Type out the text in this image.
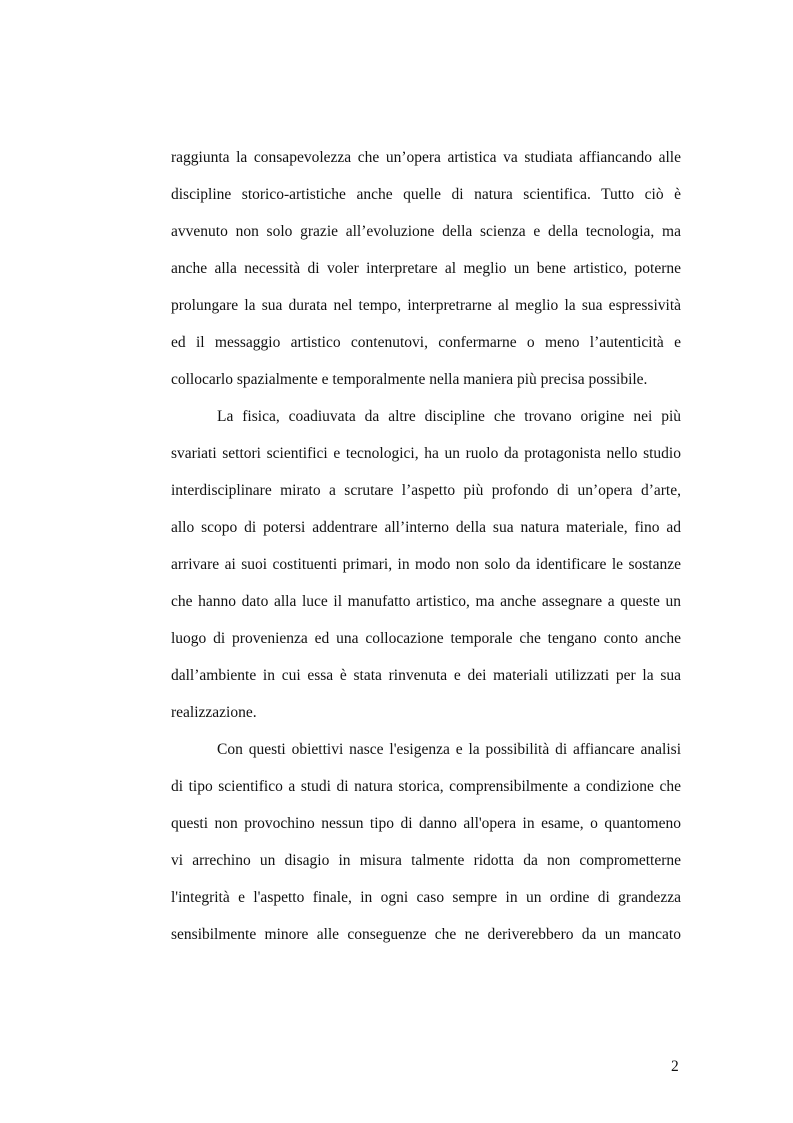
raggiunta la consapevolezza che un’opera artistica va studiata affiancando alle
discipline storico-artistiche anche quelle di natura scientifica. Tutto ciò è
avvenuto non solo grazie all’evoluzione della scienza e della tecnologia, ma
anche alla necessità di voler interpretare al meglio un bene artistico, poterne
prolungare la sua durata nel tempo, interpretrarne al meglio la sua espressività
ed il messaggio artistico contenutovi, confermarne o meno l’autenticità e
collocarlo spazialmente e temporalmente nella maniera più precisa possibile.
La fisica, coadiuvata da altre discipline che trovano origine nei più
svariati settori scientifici e tecnologici, ha un ruolo da protagonista nello studio
interdisciplinare mirato a scrutare l’aspetto più profondo di un’opera d’arte,
allo scopo di potersi addentrare all’interno della sua natura materiale, fino ad
arrivare ai suoi costituenti primari, in modo non solo da identificare le sostanze
che hanno dato alla luce il manufatto artistico, ma anche assegnare a queste un
luogo di provenienza ed una collocazione temporale che tengano conto anche
dall’ambiente in cui essa è stata rinvenuta e dei materiali utilizzati per la sua
realizzazione.
Con questi obiettivi nasce l'esigenza e la possibilità di affiancare analisi
di tipo scientifico a studi di natura storica, comprensibilmente a condizione che
questi non provochino nessun tipo di danno all'opera in esame, o quantomeno
vi arrechino un disagio in misura talmente ridotta da non comprometterne
l'integrità e l'aspetto finale, in ogni caso sempre in un ordine di grandezza
sensibilmente minore alle conseguenze che ne deriverebbero da un mancato
2
